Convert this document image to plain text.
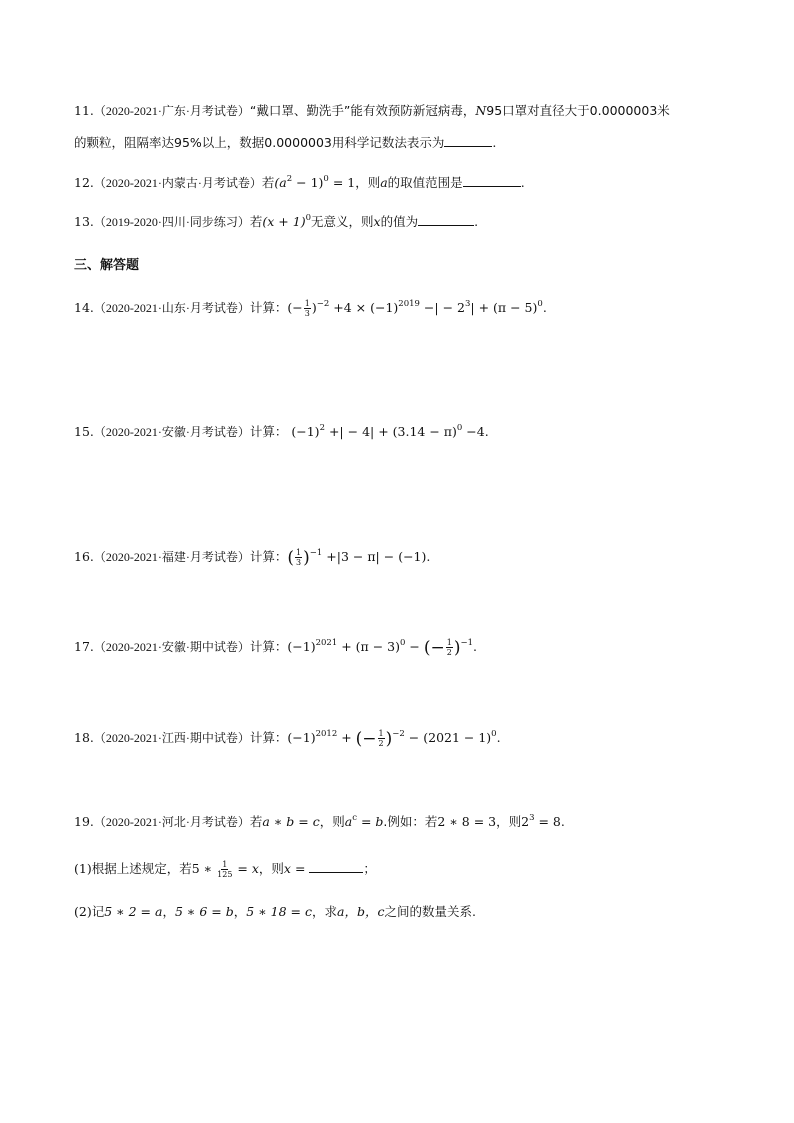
11.（2020-2021·广东·月考试卷）“戴口罩、勤洗手”能有效预防新冠病毒，N95口罩对直径大于0.0000003米
的颗粒，阻隔率达95%以上，数据0.0000003用科学记数法表示为	.
12.（2020-2021·内蒙古·月考试卷）若$(a^2 - 1)^0 = 1$，则a的取值范围是	.
13.（2019-2020·四川·同步练习）若$(x + 1)^0$无意义，则x的值为	.
三、解答题
14.（2020-2021·山东·月考试卷）计算：(− $\frac{1}{3} )^{-2} +4 \times (-1)^{2019}$ −| − $2^3| + (\pi - 5)^0$.
15.（2020-2021·安徽·月考试卷）计算： $(-1)^2$ +| − $4| + (3.14 - \pi)^0 -4$.
16.（2020-2021·福建·月考试卷）计算：( $\frac{1}{3} )^{-1} +|3 - \pi| - (-1)$.
17.（2020-2021·安徽·期中试卷）计算：$(-1)^{2021} + (\pi - 3)^0$ − (− $\frac{1}{2} )^{-1}$.
18.（2020-2021·江西·期中试卷）计算：$(-1)^{2012}$ + (− $\frac{1}{2} )^{-2} - (2021 - 1)^0$.
19.（2020-2021·河北·月考试卷）若a ∗ b = c，则$a^c = b$.例如：若2 ∗ 8 = 3，则$2^3 = 8$.
(1)根据上述规定，若5 ∗ $\frac{1}{125} = x$，则x =	；
(2)记5 ∗ 2 = a，5 ∗ 6 = b，5 ∗ 18 = c，求a，b，c之间的数量关系.
